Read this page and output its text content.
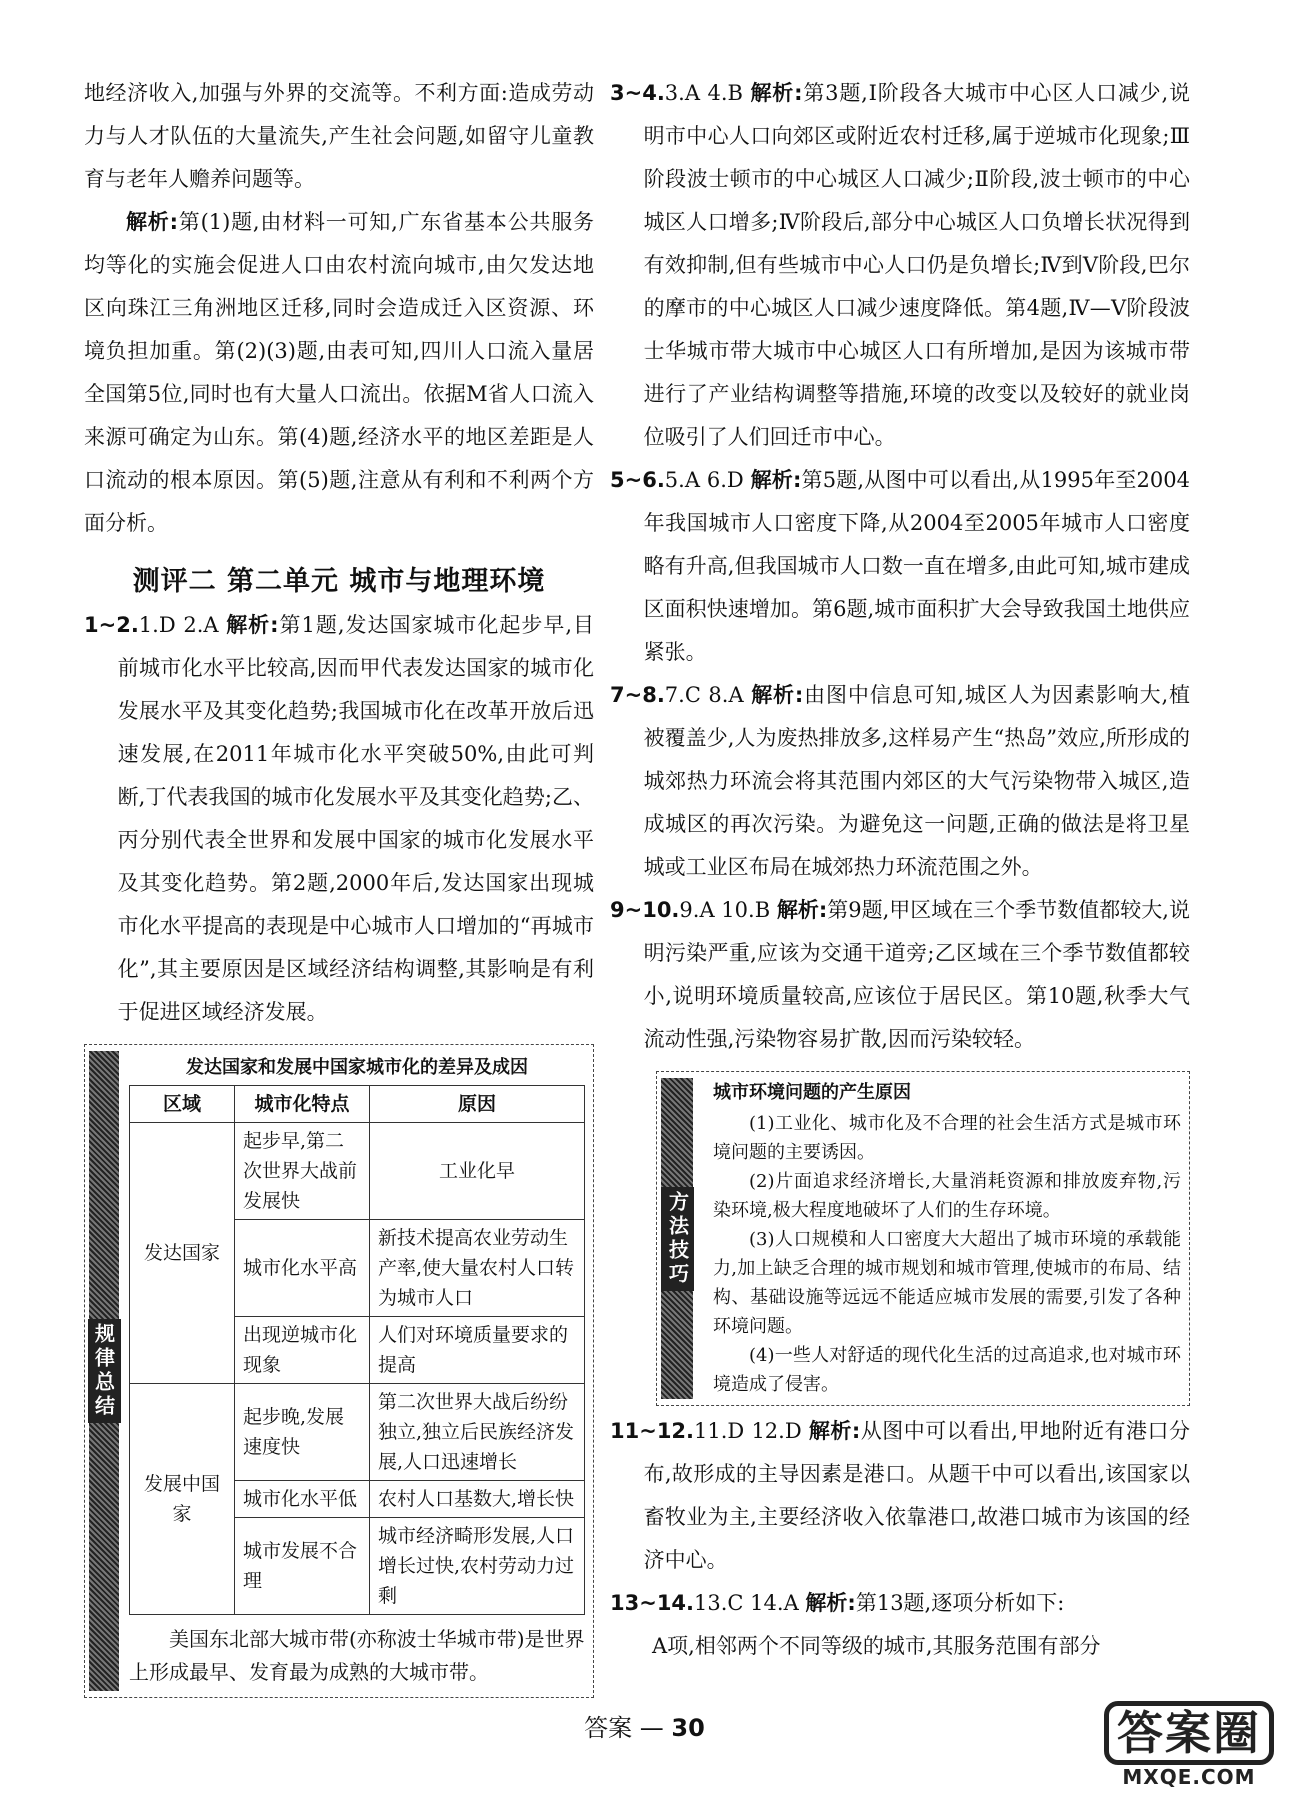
地经济收入,加强与外界的交流等。不利方面:造成劳动力与人才队伍的大量流失,产生社会问题,如留守儿童教育与老年人赡养问题等。

解析:第(1)题,由材料一可知,广东省基本公共服务均等化的实施会促进人口由农村流向城市,由欠发达地区向珠江三角洲地区迁移,同时会造成迁入区资源、环境负担加重。第(2)(3)题,由表可知,四川人口流入量居全国第5位,同时也有大量人口流出。依据M省人口流入来源可确定为山东。第(4)题,经济水平的地区差距是人口流动的根本原因。第(5)题,注意从有利和不利两个方面分析。

测评二 第二单元 城市与地理环境

1~2.1.D 2.A 解析:第1题,发达国家城市化起步早,目前城市化水平比较高,因而甲代表发达国家的城市化发展水平及其变化趋势;我国城市化在改革开放后迅速发展,在2011年城市化水平突破50%,由此可判断,丁代表我国的城市化发展水平及其变化趋势;乙、丙分别代表全世界和发展中国家的城市化发展水平及其变化趋势。第2题,2000年后,发达国家出现城市化水平提高的表现是中心城市人口增加的“再城市化”,其主要原因是区域经济结构调整,其影响是有利于促进区域经济发展。

规律总结
发达国家和发展中国家城市化的差异及成因
区域	城市化特点	原因
发达国家	起步早,第二次世界大战前发展快	工业化早
	城市化水平高	新技术提高农业劳动生产率,使大量农村人口转为城市人口
	出现逆城市化现象	人们对环境质量要求的提高
发展中国家	起步晚,发展速度快	第二次世界大战后纷纷独立,独立后民族经济发展,人口迅速增长
	城市化水平低	农村人口基数大,增长快
	城市发展不合理	城市经济畸形发展,人口增长过快,农村劳动力过剩

美国东北部大城市带(亦称波士华城市带)是世界上形成最早、发育最为成熟的大城市带。

3~4.3.A 4.B 解析:第3题,Ⅰ阶段各大城市中心区人口减少,说明市中心人口向郊区或附近农村迁移,属于逆城市化现象;Ⅲ阶段波士顿市的中心城区人口减少;Ⅱ阶段,波士顿市的中心城区人口增多;Ⅳ阶段后,部分中心城区人口负增长状况得到有效抑制,但有些城市中心人口仍是负增长;Ⅳ到Ⅴ阶段,巴尔的摩市的中心城区人口减少速度降低。第4题,Ⅳ—Ⅴ阶段波士华城市带大城市中心城区人口有所增加,是因为该城市带进行了产业结构调整等措施,环境的改变以及较好的就业岗位吸引了人们回迁市中心。

5~6.5.A 6.D 解析:第5题,从图中可以看出,从1995年至2004年我国城市人口密度下降,从2004至2005年城市人口密度略有升高,但我国城市人口数一直在增多,由此可知,城市建成区面积快速增加。第6题,城市面积扩大会导致我国土地供应紧张。

7~8.7.C 8.A 解析:由图中信息可知,城区人为因素影响大,植被覆盖少,人为废热排放多,这样易产生“热岛”效应,所形成的城郊热力环流会将其范围内郊区的大气污染物带入城区,造成城区的再次污染。为避免这一问题,正确的做法是将卫星城或工业区布局在城郊热力环流范围之外。

9~10.9.A 10.B 解析:第9题,甲区域在三个季节数值都较大,说明污染严重,应该为交通干道旁;乙区域在三个季节数值都较小,说明环境质量较高,应该位于居民区。第10题,秋季大气流动性强,污染物容易扩散,因而污染较轻。

方法技巧
城市环境问题的产生原因

(1)工业化、城市化及不合理的社会生活方式是城市环境问题的主要诱因。

(2)片面追求经济增长,大量消耗资源和排放废弃物,污染环境,极大程度地破坏了人们的生存环境。

(3)人口规模和人口密度大大超出了城市环境的承载能力,加上缺乏合理的城市规划和城市管理,使城市的布局、结构、基础设施等远远不能适应城市发展的需要,引发了各种环境问题。

(4)一些人对舒适的现代化生活的过高追求,也对城市环境造成了侵害。

11~12.11.D 12.D 解析:从图中可以看出,甲地附近有港口分布,故形成的主导因素是港口。从题干中可以看出,该国家以畜牧业为主,主要经济收入依靠港口,故港口城市为该国的经济中心。

13~14.13.C 14.A 解析:第13题,逐项分析如下:

A项,相邻两个不同等级的城市,其服务范围有部分

答案 — 30	答案圈
MXQE.COM
